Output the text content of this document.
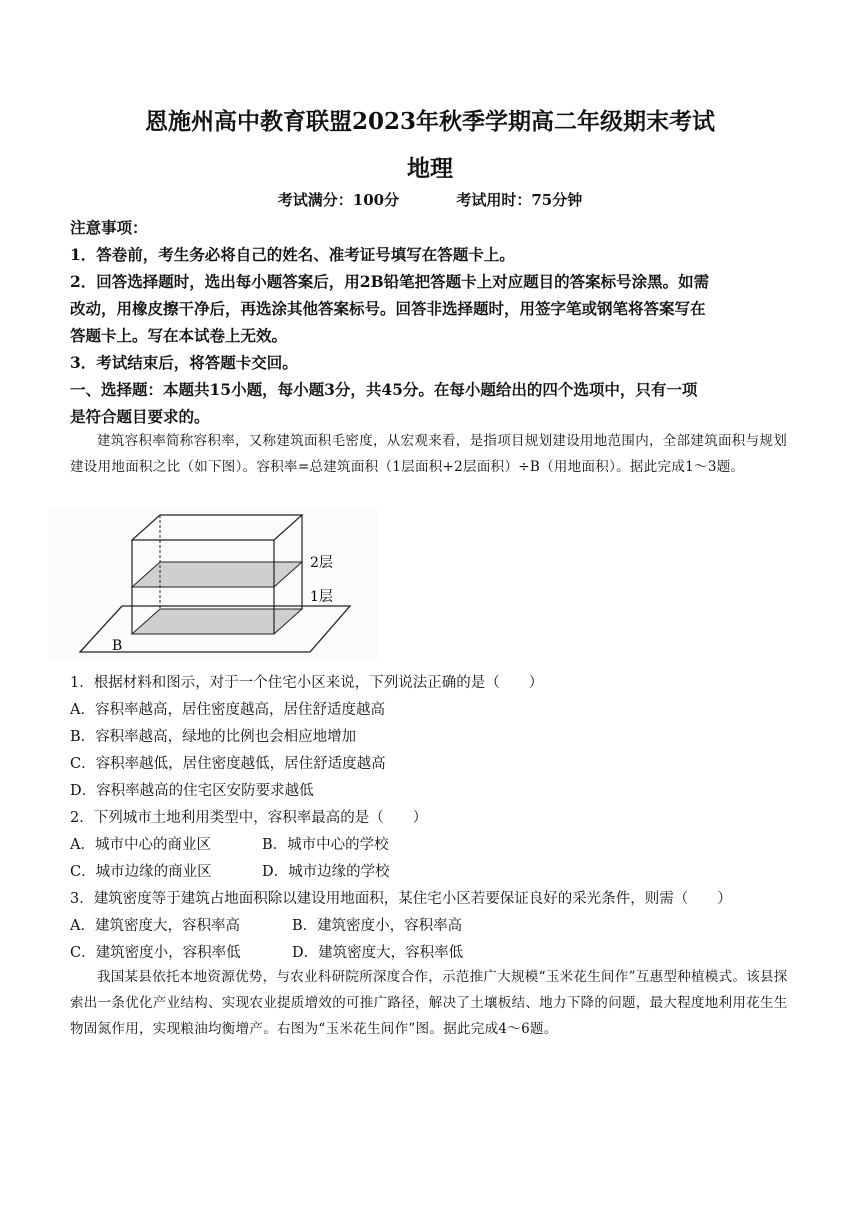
恩施州高中教育联盟2023年秋季学期高二年级期末考试
地理
考试满分：100分	考试用时：75分钟
注意事项：
1．答卷前，考生务必将自己的姓名、准考证号填写在答题卡上。
2．回答选择题时，选出每小题答案后，用2B铅笔把答题卡上对应题目的答案标号涂黑。如需
改动，用橡皮擦干净后，再选涂其他答案标号。回答非选择题时，用签字笔或钢笔将答案写在
答题卡上。写在本试卷上无效。
3．考试结束后，将答题卡交回。
一、选择题：本题共15小题，每小题3分，共45分。在每小题给出的四个选项中，只有一项
是符合题目要求的。
建筑容积率简称容积率，又称建筑面积毛密度，从宏观来看，是指项目规划建设用地范围内，全部建筑面积与规划建设用地面积之比（如下图）。容积率=总建筑面积（1层面积+2层面积）÷B（用地面积）。据此完成1～3题。
2层
1层
B
1．根据材料和图示，对于一个住宅小区来说，下列说法正确的是（　　）
A．容积率越高，居住密度越高，居住舒适度越高
B．容积率越高，绿地的比例也会相应地增加
C．容积率越低，居住密度越低，居住舒适度越高
D．容积率越高的住宅区安防要求越低
2．下列城市土地利用类型中，容积率最高的是（　　）
A．城市中心的商业区	B．城市中心的学校
C．城市边缘的商业区	D．城市边缘的学校
3．建筑密度等于建筑占地面积除以建设用地面积，某住宅小区若要保证良好的采光条件，则需（　　）
A．建筑密度大，容积率高	B．建筑密度小，容积率高
C．建筑密度小，容积率低	D．建筑密度大，容积率低
我国某县依托本地资源优势，与农业科研院所深度合作，示范推广大规模“玉米花生间作”互惠型种植模式。该县探索出一条优化产业结构、实现农业提质增效的可推广路径，解决了土壤板结、地力下降的问题，最大程度地利用花生生物固氮作用，实现粮油均衡增产。右图为“玉米花生间作”图。据此完成4～6题。
